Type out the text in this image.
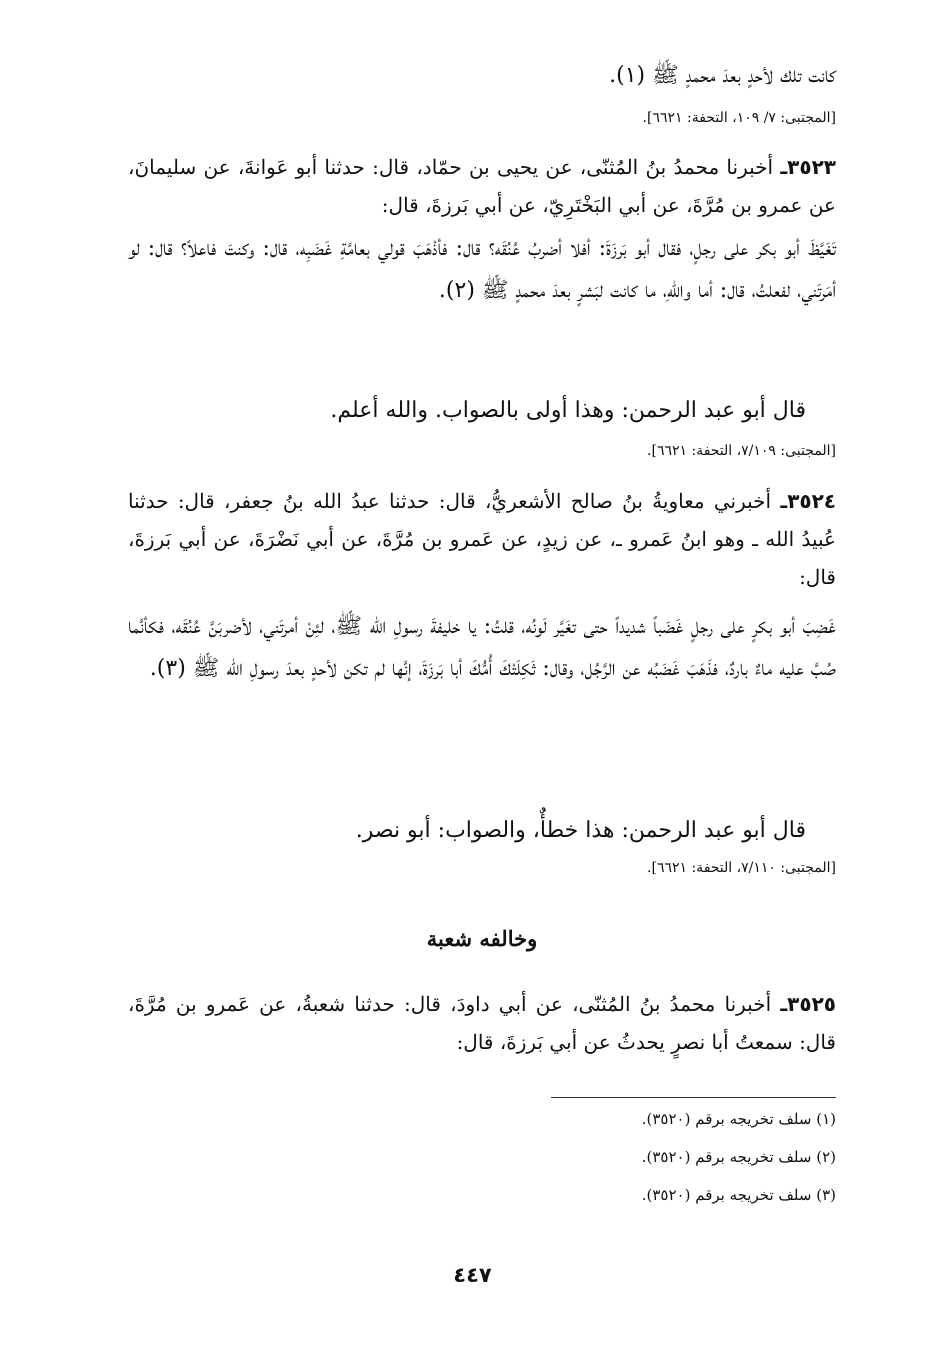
كانت تلك لأحدٍ بعدَ محمدٍ ﷺ (١).

[المجتبى: ٧/ ١٠٩، التحفة: ٦٦٢١].

٣٥٢٣ـ أخبرنا محمدُ بنُ المُثنّى، عن يحيى بن حمّاد، قال: حدثنا أبو عَوانةَ، عن سليمانَ، عن عمرو بن مُرَّةَ، عن أبي البَخْتَرِيّ، عن أبي بَرزةَ، قال:

تَغَيَّظَ أبو بكر على رجلٍ، فقال أبو بَرزَةَ: أفلا أضربُ عُنُقَه؟ قال: فأذْهَبَ قولي بعامَّةِ غَضَبِه، قال: وكنتَ فاعلاً؟ قال: لو أمَرتَني، لفعلتُ، قال: أما واللهِ، ما كانت لبَشرٍ بعدَ محمدٍ ﷺ (٢).

قال أبو عبد الرحمن: وهذا أولى بالصواب. والله أعلم.

[المجتبى: ٧/١٠٩، التحفة: ٦٦٢١].

٣٥٢٤ـ أخبرني معاويةُ بنُ صالح الأشعريُّ، قال: حدثنا عبدُ الله بنُ جعفر، قال: حدثنا عُبيدُ الله ـ وهو ابنُ عَمرو ـ، عن زيدٍ، عن عَمرو بن مُرَّةَ، عن أبي نَضْرَةَ، عن أبي بَرزةَ، قال:

غَضِبَ أبو بكرٍ على رجلٍ غَضَباً شديداً حتى تغَيَّر لَونُه، قلتُ: يا خليفةَ رسولِ الله ﷺ، لئِنْ أمرتَني، لأضربَنَّ عُنُقَه، فكأنَّما صُبَّ عليه ماءٌ باردٌ، فذَهَبَ غَضَبُه عن الرَّجُل، وقال: ثَكِلَتْكَ أُمُّكَ أبا بَرزَةَ، إنَّها لم تكن لأحدٍ بعدَ رسولِ الله ﷺ (٣).

قال أبو عبد الرحمن: هذا خطأٌ، والصواب: أبو نصر.

[المجتبى: ٧/١١٠، التحفة: ٦٦٢١].

وخالفه شعبة

٣٥٢٥ـ أخبرنا محمدُ بنُ المُثنّى، عن أبي داودَ، قال: حدثنا شعبةُ، عن عَمرو بن مُرَّةَ، قال: سمعتُ أبا نصرٍ يحدثُ عن أبي بَرزةَ، قال:

(١) سلف تخريجه برقم (٣٥٢٠).
(٢) سلف تخريجه برقم (٣٥٢٠).
(٣) سلف تخريجه برقم (٣٥٢٠).
٤٤٧
